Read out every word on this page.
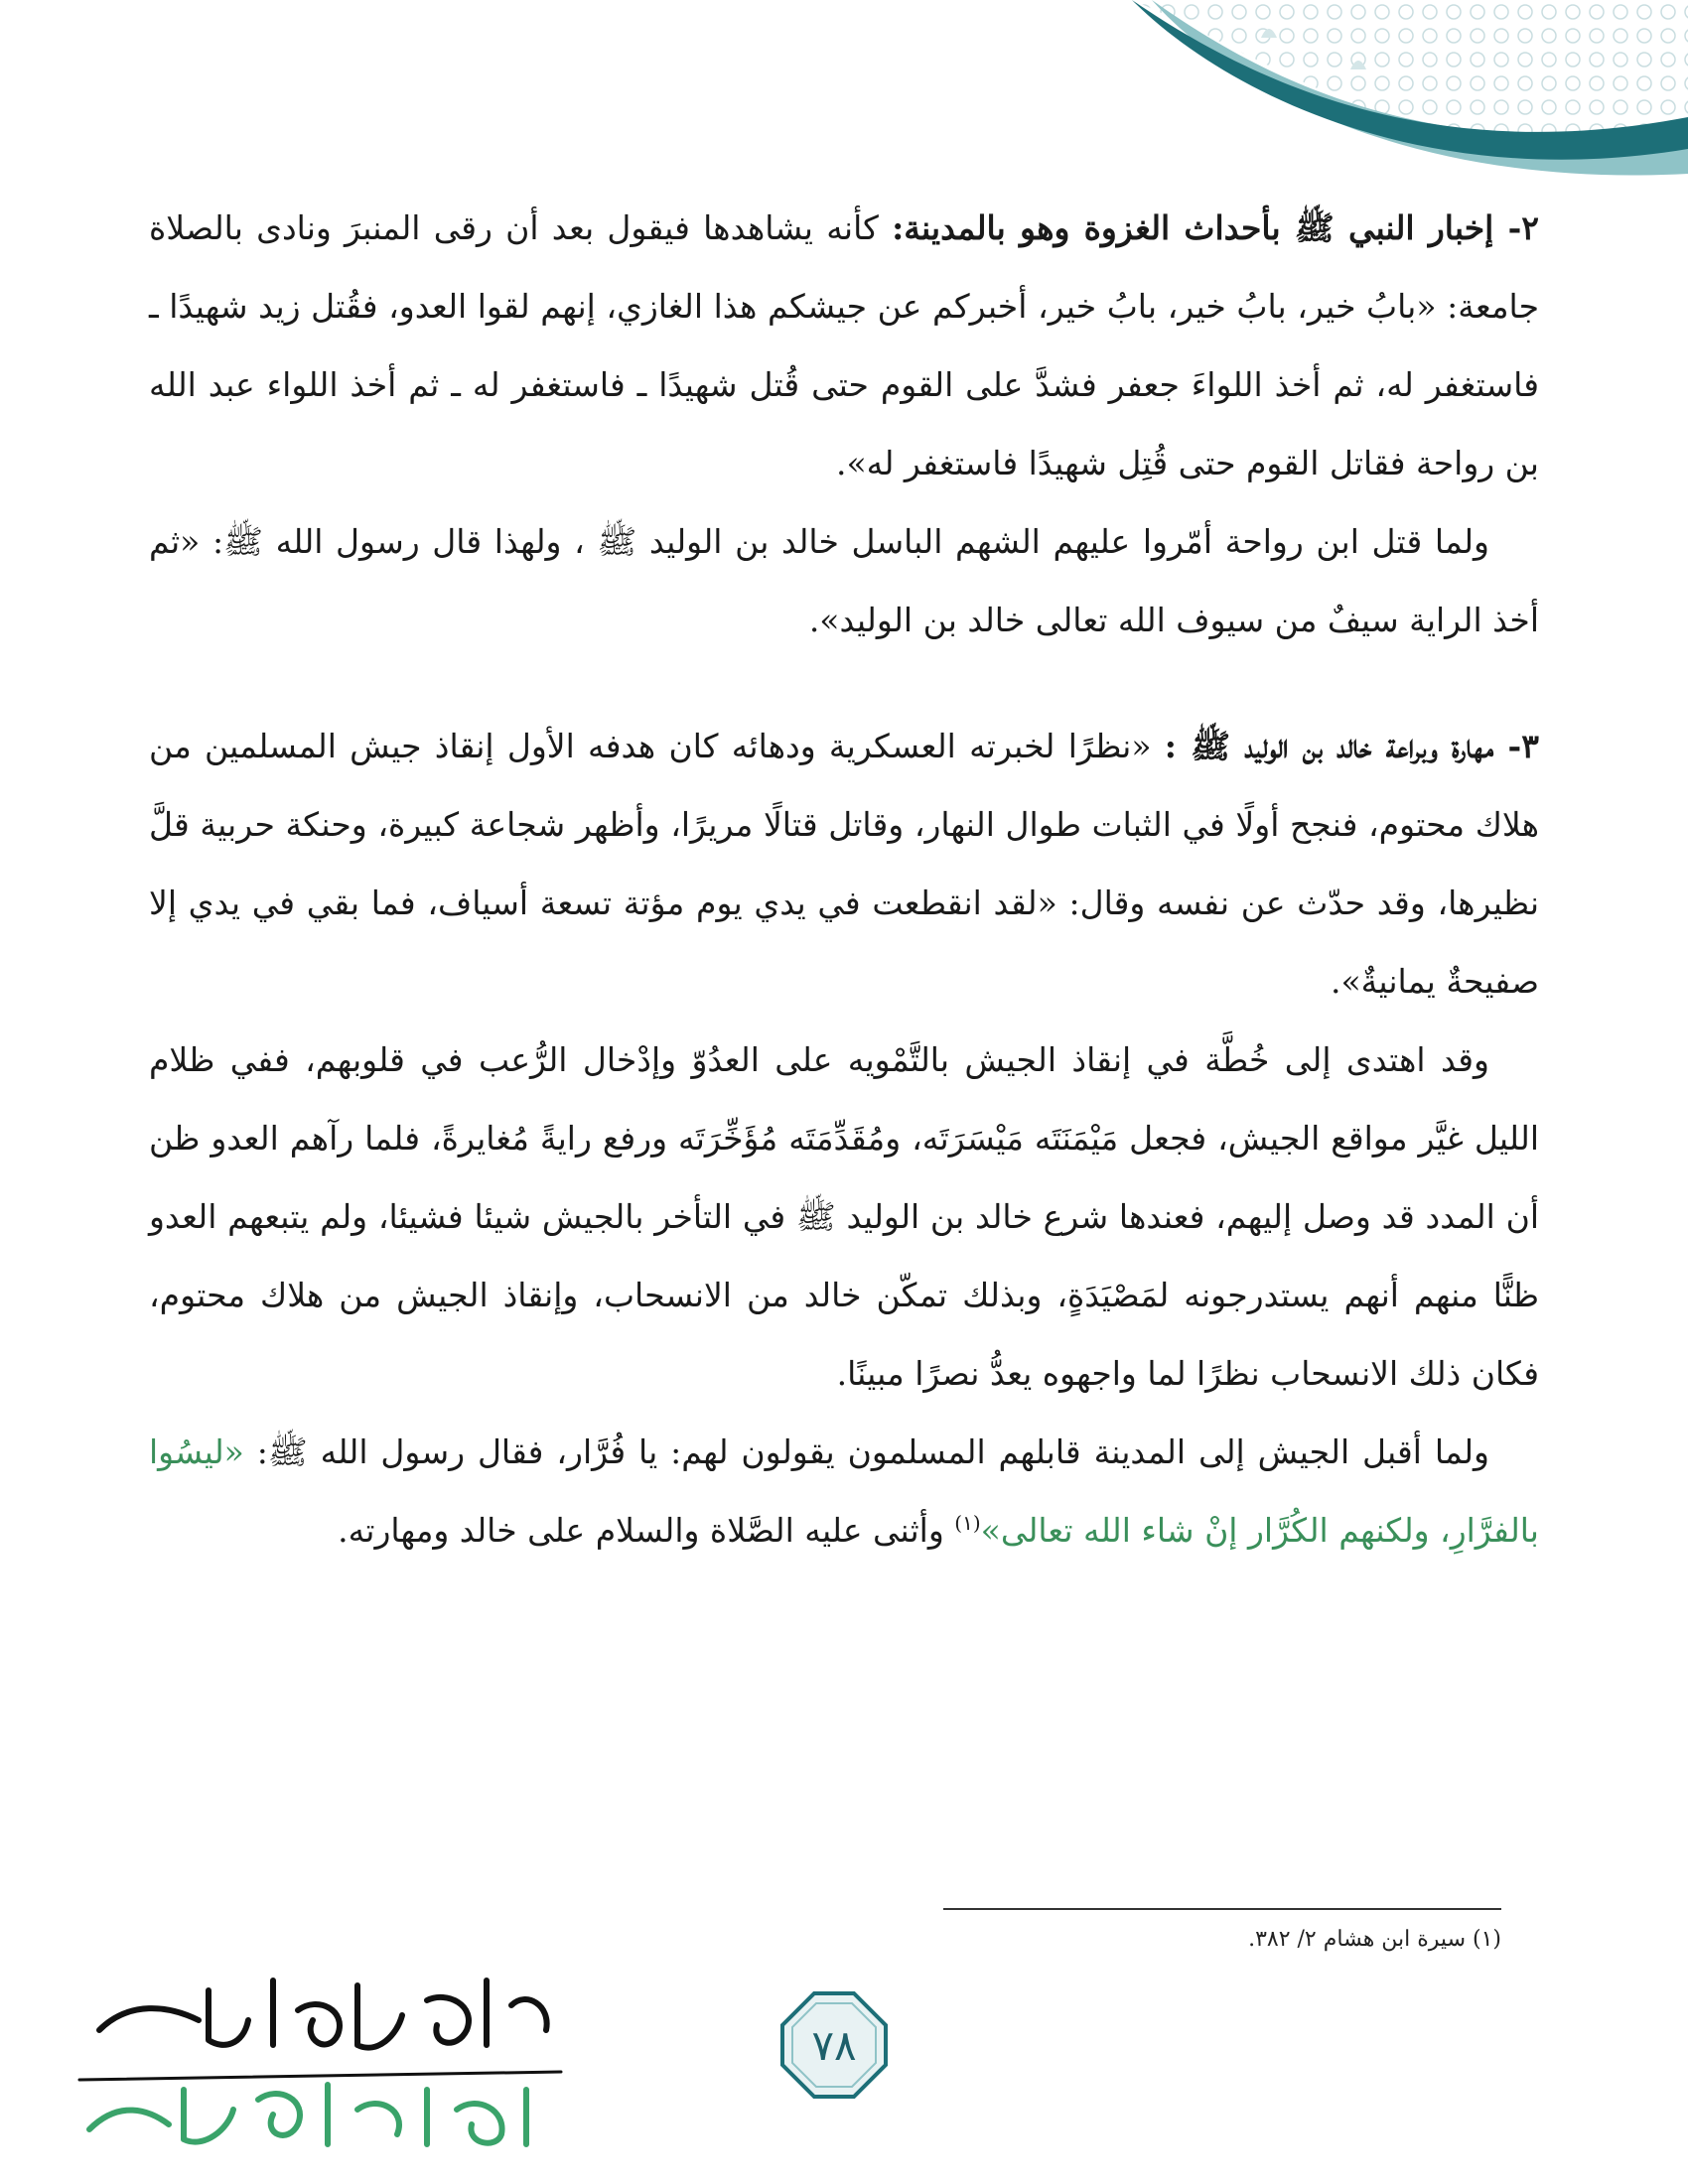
٢- إخبار النبي ﷺ بأحداث الغزوة وهو بالمدينة: كأنه يشاهدها فيقول بعد أن رقى المنبرَ ونادى بالصلاة جامعة: «بابُ خير، بابُ خير، بابُ خير، أخبركم عن جيشكم هذا الغازي، إنهم لقوا العدو، فقُتل زيد شهيدًا ـ فاستغفر له، ثم أخذ اللواءَ جعفر فشدَّ على القوم حتى قُتل شهيدًا ـ فاستغفر له ـ ثم أخذ اللواء عبد الله بن رواحة فقاتل القوم حتى قُتِل شهيدًا فاستغفر له».

ولما قتل ابن رواحة أمّروا عليهم الشهم الباسل خالد بن الوليد ﷺ ، ولهذا قال رسول الله ﷺ: «ثم أخذ الراية سيفٌ من سيوف الله تعالى خالد بن الوليد».

٣- مهارة وبراعة خالد بن الوليد ﷺ : «نظرًا لخبرته العسكرية ودهائه كان هدفه الأول إنقاذ جيش المسلمين من هلاك محتوم، فنجح أولًا في الثبات طوال النهار، وقاتل قتالًا مريرًا، وأظهر شجاعة كبيرة، وحنكة حربية قلَّ نظيرها، وقد حدّث عن نفسه وقال: «لقد انقطعت في يدي يوم مؤتة تسعة أسياف، فما بقي في يدي إلا صفيحةٌ يمانيةٌ».

وقد اهتدى إلى خُطَّة في إنقاذ الجيش بالتَّمْويه على العدُوّ وإدْخال الرُّعب في قلوبهم، ففي ظلام الليل غيَّر مواقع الجيش، فجعل مَيْمَنَتَه مَيْسَرَتَه، ومُقَدِّمَتَه مُؤَخِّرَتَه ورفع رايةً مُغايرةً، فلما رآهم العدو ظن أن المدد قد وصل إليهم، فعندها شرع خالد بن الوليد ﷺ في التأخر بالجيش شيئا فشيئا، ولم يتبعهم العدو ظنًّا منهم أنهم يستدرجونه لمَصْيَدَةٍ، وبذلك تمكّن خالد من الانسحاب، وإنقاذ الجيش من هلاك محتوم، فكان ذلك الانسحاب نظرًا لما واجهوه يعدُّ نصرًا مبينًا.

ولما أقبل الجيش إلى المدينة قابلهم المسلمون يقولون لهم: يا فُرَّار، فقال رسول الله ﷺ: «ليسُوا بالفرَّارِ، ولكنهم الكُرَّار إنْ شاء الله تعالى»$^{(١)}$ وأثنى عليه الصَّلاة والسلام على خالد ومهارته.

(١) سيرة ابن هشام ٢/ ٣٨٢.
٧٨
